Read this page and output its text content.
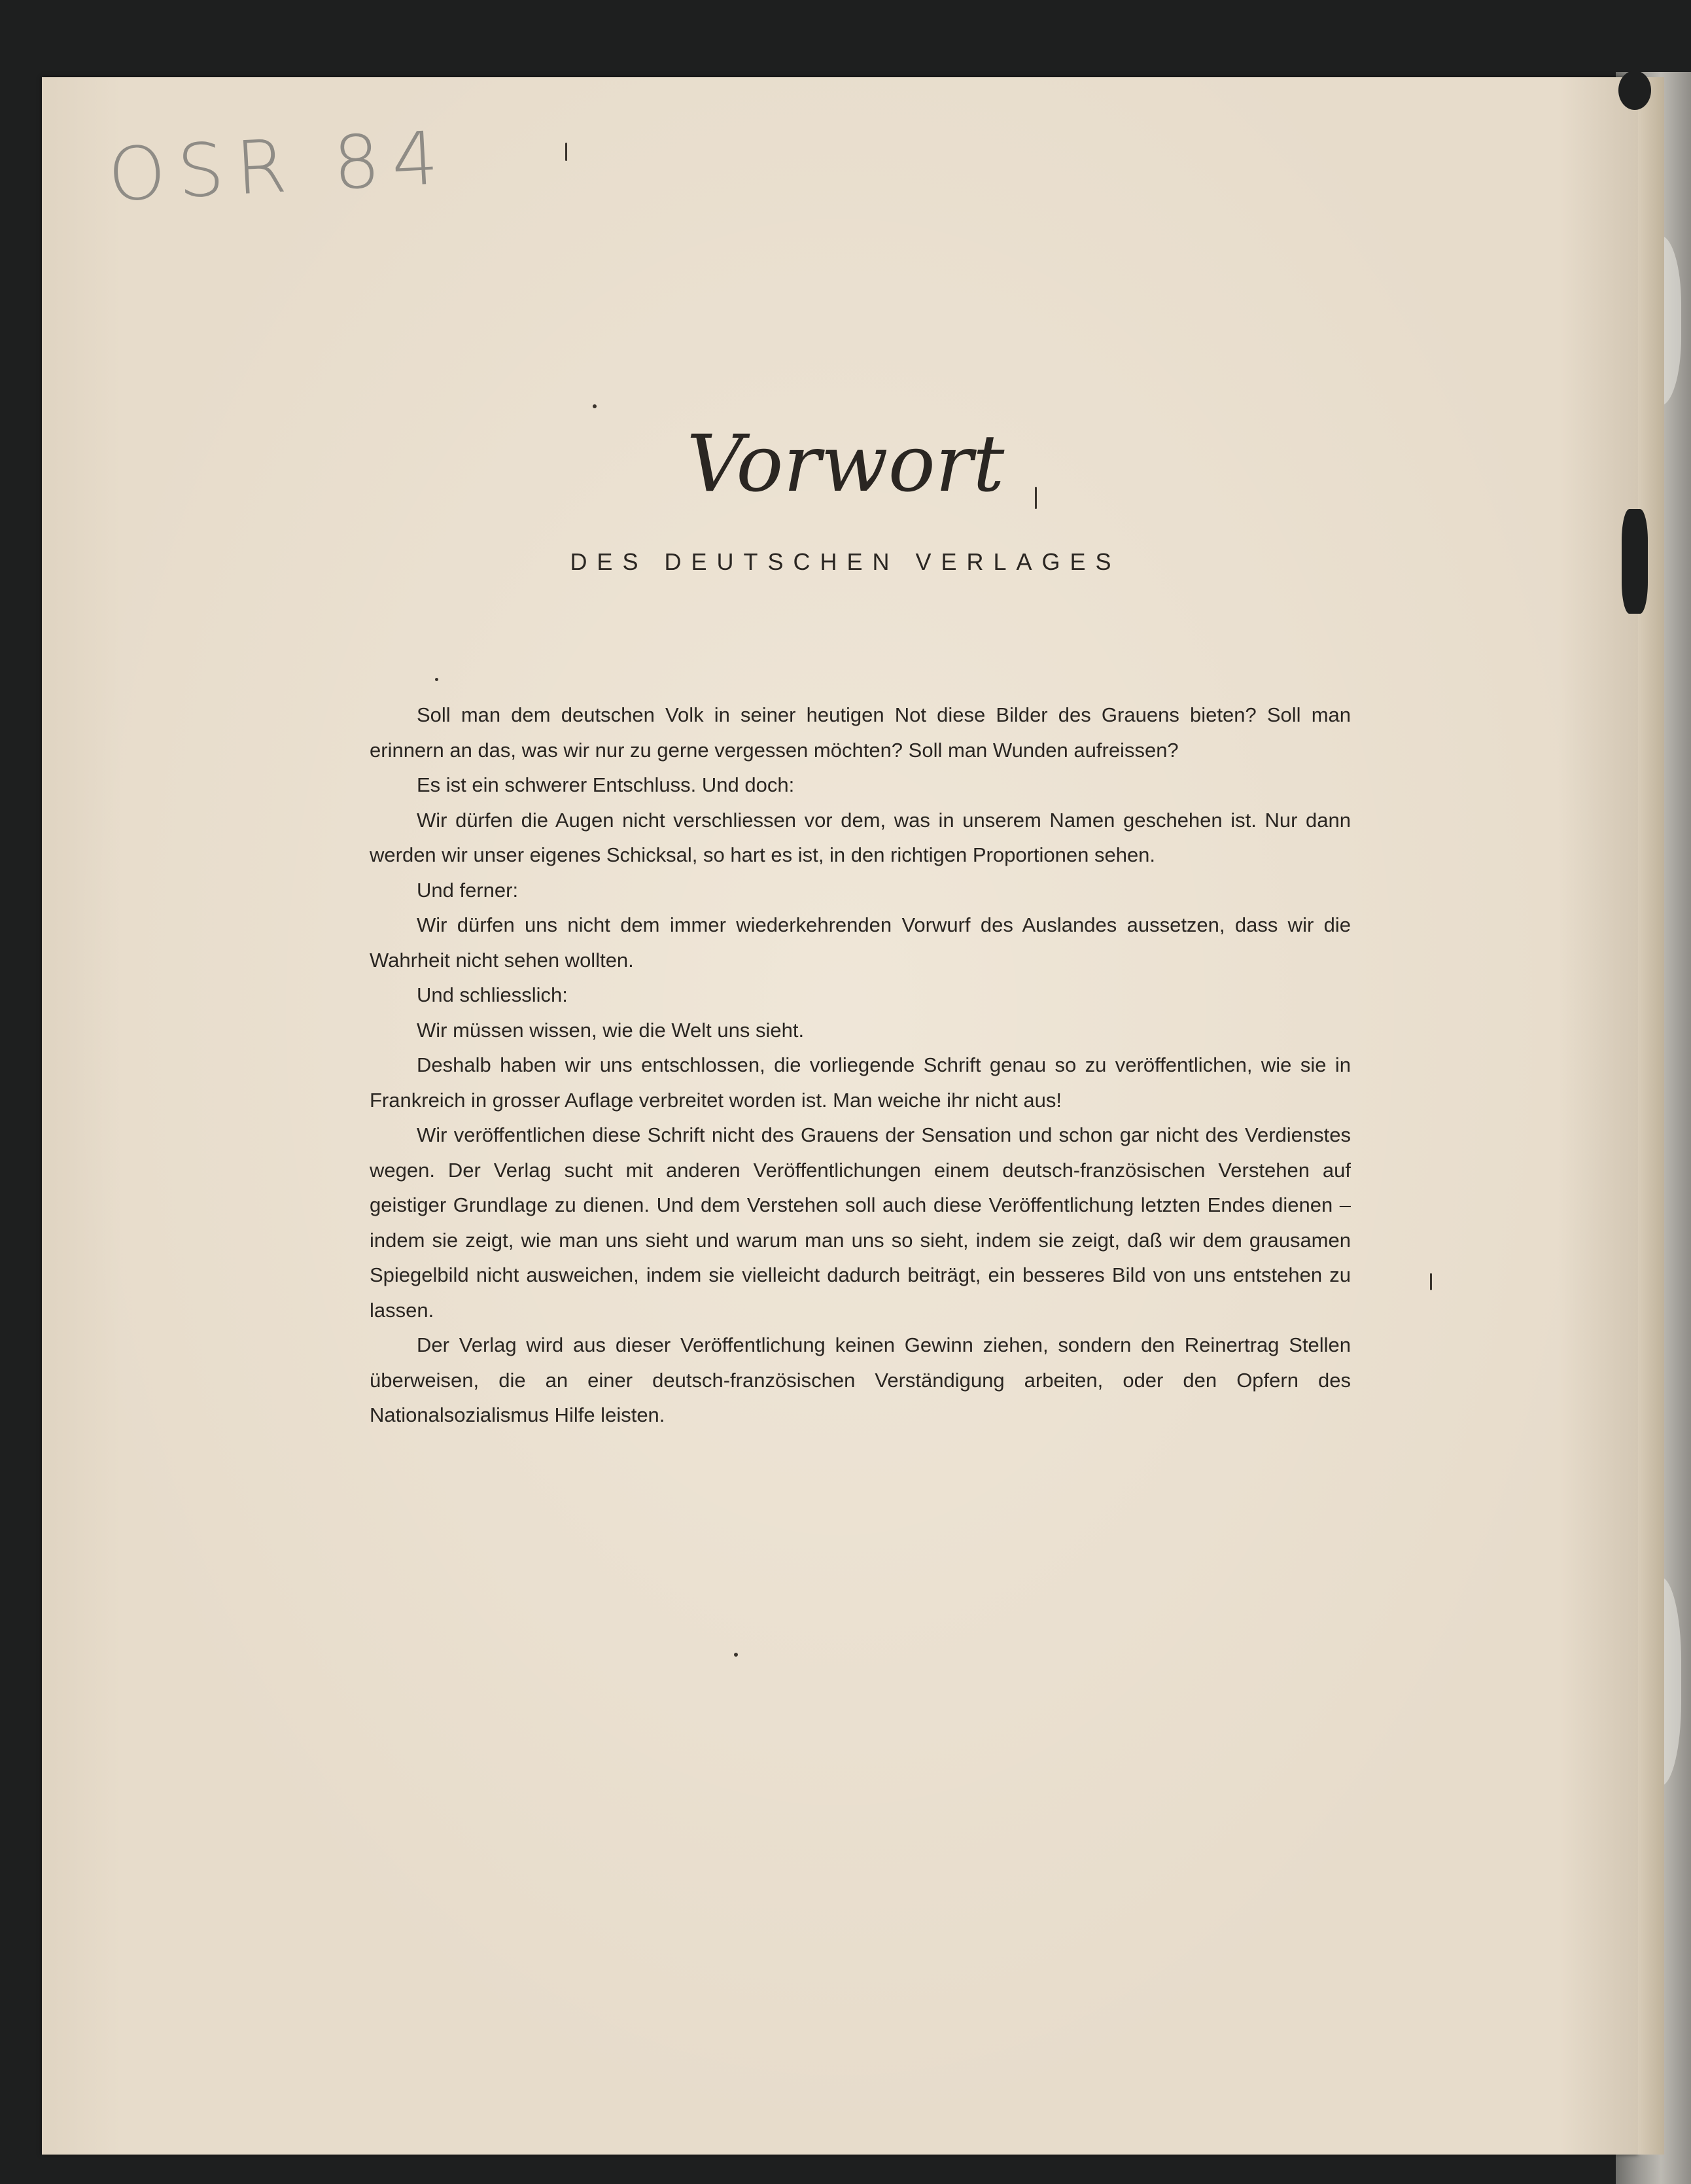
OSR 84
Vorwort
DES DEUTSCHEN VERLAGES

Soll man dem deutschen Volk in seiner heutigen Not diese Bilder des Grauens bieten? Soll man erinnern an das, was wir nur zu gerne vergessen möchten? Soll man Wunden aufreissen?

Es ist ein schwerer Entschluss. Und doch:

Wir dürfen die Augen nicht verschliessen vor dem, was in unserem Namen geschehen ist. Nur dann werden wir unser eigenes Schicksal, so hart es ist, in den richtigen Proportionen sehen.

Und ferner:

Wir dürfen uns nicht dem immer wiederkehrenden Vorwurf des Auslandes aussetzen, dass wir die Wahrheit nicht sehen wollten.

Und schliesslich:

Wir müssen wissen, wie die Welt uns sieht.

Deshalb haben wir uns entschlossen, die vorliegende Schrift genau so zu veröffentlichen, wie sie in Frankreich in grosser Auflage verbreitet worden ist. Man weiche ihr nicht aus!

Wir veröffentlichen diese Schrift nicht des Grauens der Sensation und schon gar nicht des Verdienstes wegen. Der Verlag sucht mit anderen Veröffentlichungen einem deutsch-französischen Verstehen auf geistiger Grundlage zu dienen. Und dem Verstehen soll auch diese Veröffentlichung letzten Endes dienen – indem sie zeigt, wie man uns sieht und warum man uns so sieht, indem sie zeigt, daß wir dem grausamen Spiegelbild nicht ausweichen, indem sie vielleicht dadurch beiträgt, ein besseres Bild von uns entstehen zu lassen.

Der Verlag wird aus dieser Veröffentlichung keinen Gewinn ziehen, sondern den Reinertrag Stellen überweisen, die an einer deutsch-französischen Verständigung arbeiten, oder den Opfern des Nationalsozialismus Hilfe leisten.
